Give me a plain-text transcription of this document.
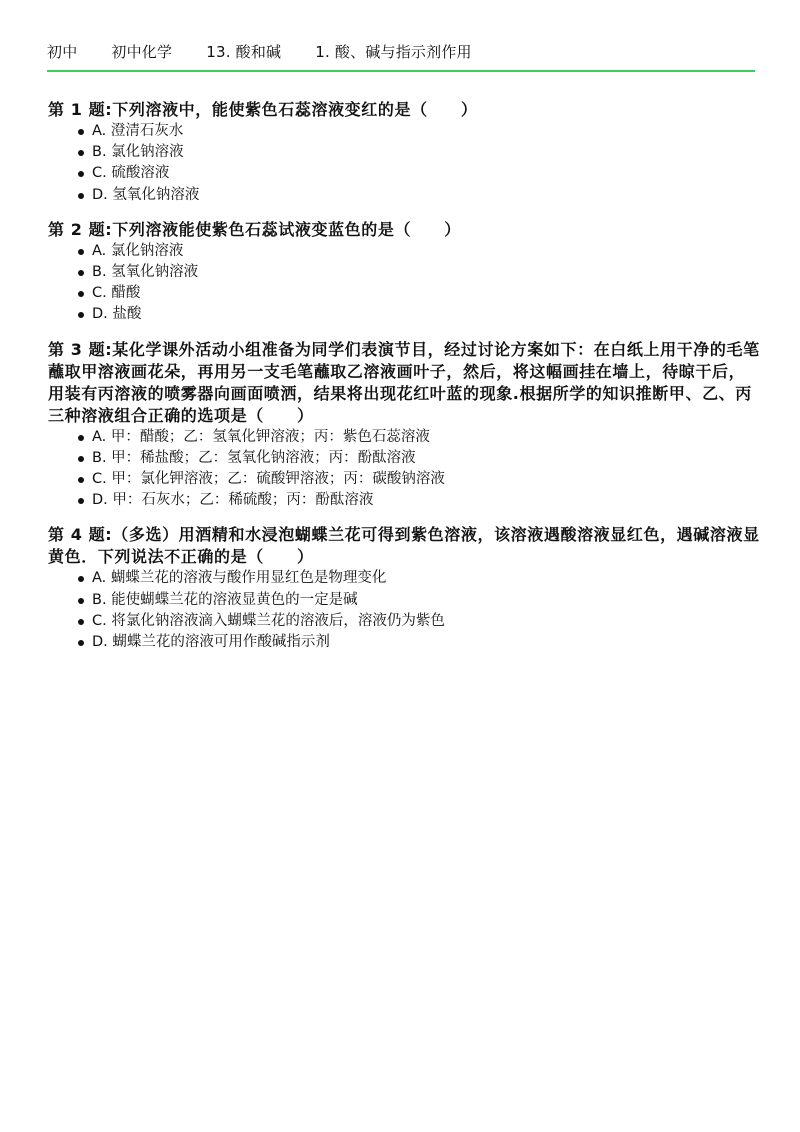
初中 初中化学 13. 酸和碱 1. 酸、碱与指示剂作用
第 1 题:下列溶液中，能使紫色石蕊溶液变红的是（　　）
A. 澄清石灰水
B. 氯化钠溶液
C. 硫酸溶液
D. 氢氧化钠溶液
第 2 题:下列溶液能使紫色石蕊试液变蓝色的是（　　）
A. 氯化钠溶液
B. 氢氧化钠溶液
C. 醋酸
D. 盐酸
第 3 题:某化学课外活动小组准备为同学们表演节目，经过讨论方案如下：在白纸上用干净的毛笔蘸取甲溶液画花朵，再用另一支毛笔蘸取乙溶液画叶子，然后，将这幅画挂在墙上，待晾干后，用装有丙溶液的喷雾器向画面喷洒，结果将出现花红叶蓝的现象.根据所学的知识推断甲、乙、丙三种溶液组合正确的选项是（　　）
A. 甲：醋酸；乙：氢氧化钾溶液；丙：紫色石蕊溶液
B. 甲：稀盐酸；乙：氢氧化钠溶液；丙：酚酞溶液
C. 甲：氯化钾溶液；乙：硫酸钾溶液；丙：碳酸钠溶液
D. 甲：石灰水；乙：稀硫酸；丙：酚酞溶液
第 4 题:（多选）用酒精和水浸泡蝴蝶兰花可得到紫色溶液，该溶液遇酸溶液显红色，遇碱溶液显黄色．下列说法不正确的是（　　）
A. 蝴蝶兰花的溶液与酸作用显红色是物理变化
B. 能使蝴蝶兰花的溶液显黄色的一定是碱
C. 将氯化钠溶液滴入蝴蝶兰花的溶液后，溶液仍为紫色
D. 蝴蝶兰花的溶液可用作酸碱指示剂
